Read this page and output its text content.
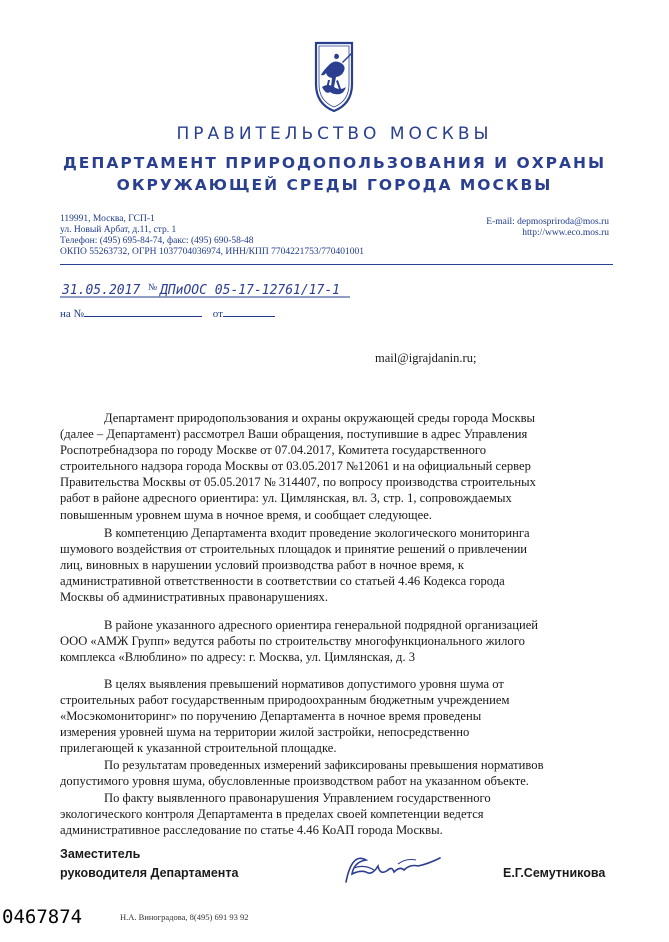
ПРАВИТЕЛЬСТВО МОСКВЫ
ДЕПАРТАМЕНТ ПРИРОДОПОЛЬЗОВАНИЯ И ОХРАНЫ
ОКРУЖАЮЩЕЙ СРЕДЫ ГОРОДА МОСКВЫ
119991, Москва, ГСП-1
ул. Новый Арбат, д.11, стр. 1
Телефон: (495) 695-84-74, факс: (495) 690-58-48
ОКПО 55263732, ОГРН 1037704036974, ИНН/КПП 7704221753/770401001
E-mail: depmospriroda@mos.ru
http://www.eco.mos.ru
31.05.2017 № ДПиООС 05-17-12761/17-1
на №	от
mail@igrajdanin.ru;
Департамент природопользования и охраны окружающей среды города Москвы
(далее – Департамент) рассмотрел Ваши обращения, поступившие в адрес Управления
Роспотребнадзора по городу Москве от 07.04.2017, Комитета государственного
строительного надзора города Москвы от 03.05.2017 №12061 и на официальный сервер
Правительства Москвы от 05.05.2017 № 314407, по вопросу производства строительных
работ в районе адресного ориентира: ул. Цимлянская, вл. 3, стр. 1, сопровождаемых
повышенным уровнем шума в ночное время, и сообщает следующее.
В компетенцию Департамента входит проведение экологического мониторинга
шумового воздействия от строительных площадок и принятие решений о привлечении
лиц, виновных в нарушении условий производства работ в ночное время, к
административной ответственности в соответствии со статьей 4.46 Кодекса города
Москвы об административных правонарушениях.
В районе указанного адресного ориентира генеральной подрядной организацией
ООО «АМЖ Групп» ведутся работы по строительству многофункционального жилого
комплекса «Влюблино» по адресу: г. Москва, ул. Цимлянская, д. 3
В целях выявления превышений нормативов допустимого уровня шума от
строительных работ государственным природоохранным бюджетным учреждением
«Мосэкомониторинг» по поручению Департамента в ночное время проведены
измерения уровней шума на территории жилой застройки, непосредственно
прилегающей к указанной строительной площадке.
По результатам проведенных измерений зафиксированы превышения нормативов
допустимого уровня шума, обусловленные производством работ на указанном объекте.
По факту выявленного правонарушения Управлением государственного
экологического контроля Департамента в пределах своей компетенции ведется
административное расследование по статье 4.46 КоАП города Москвы.
Заместитель
руководителя Департамента	Е.Г.Семутникова
0467874	Н.А. Виноградова, 8(495) 691 93 92
